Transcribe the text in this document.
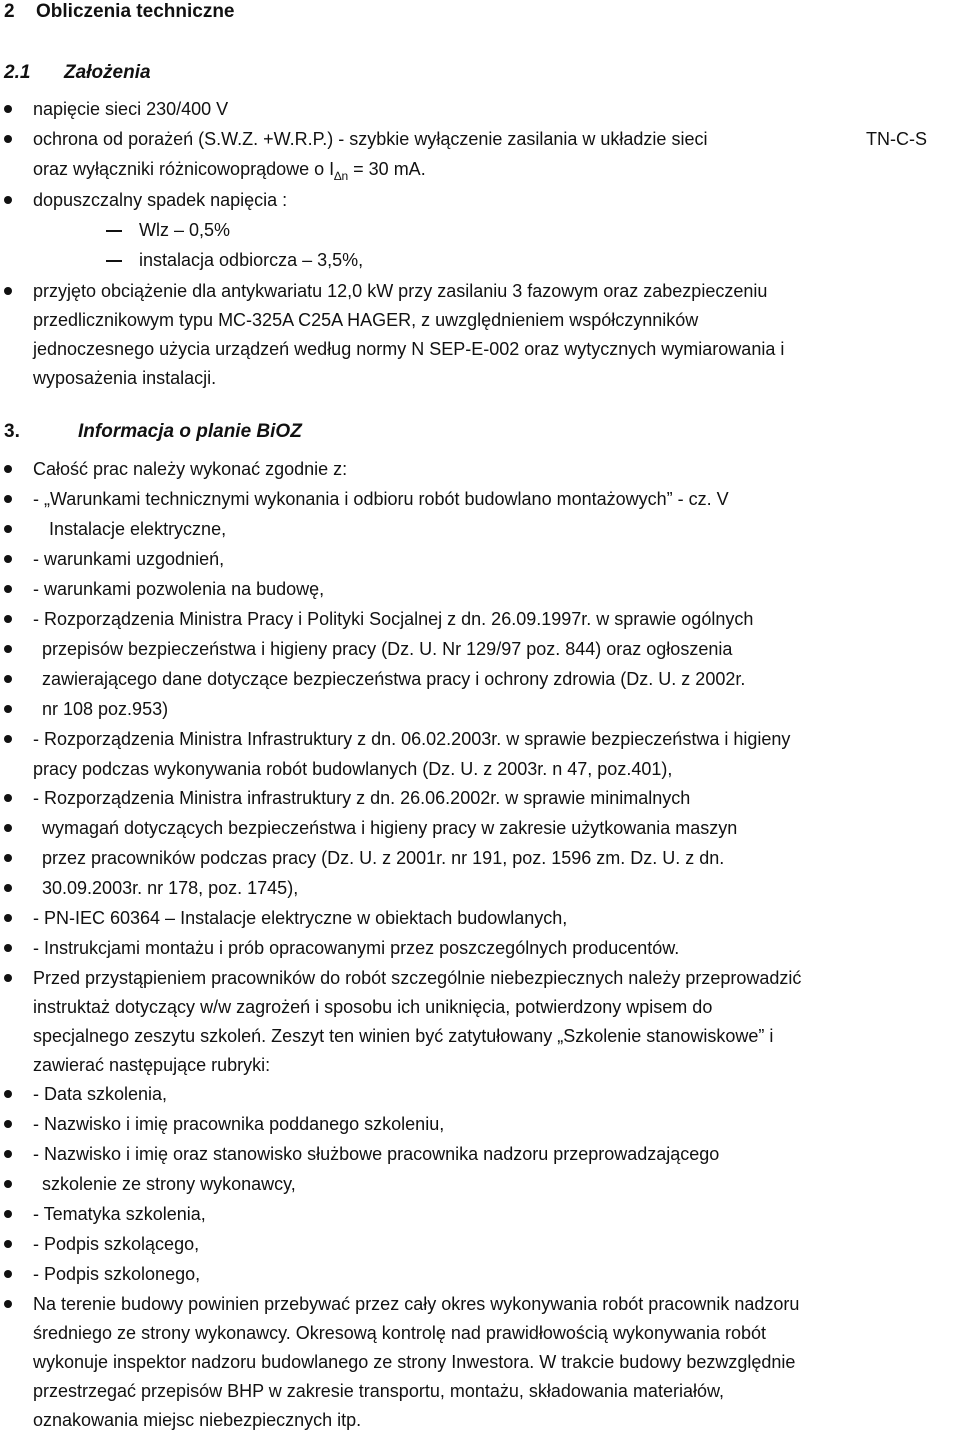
2 Obliczenia techniczne
2.1 Założenia
napięcie sieci 230/400 V
ochrona od porażeń (S.W.Z. +W.R.P.) - szybkie wyłączenie zasilania w układzie sieci	TN-C-S
oraz wyłączniki różnicowoprądowe o $I_{\Delta n} = 30$ mA.
dopuszczalny spadek napięcia :
Wlz – 0,5%
instalacja odbiorcza – 3,5%,
przyjęto obciążenie dla antykwariatu 12,0 kW przy zasilaniu 3 fazowym oraz zabezpieczeniu
przedlicznikowym typu MC-325A C25A HAGER, z uwzględnieniem współczynników
jednoczesnego użycia urządzeń według normy N SEP-E-002 oraz wytycznych wymiarowania i
wyposażenia instalacji.
3.	Informacja o planie BiOZ
Całość prac należy wykonać zgodnie z:
- „Warunkami technicznymi wykonania i odbioru robót budowlano montażowych” - cz. V
Instalacje elektryczne,
- warunkami uzgodnień,
- warunkami pozwolenia na budowę,
- Rozporządzenia Ministra Pracy i Polityki Socjalnej z dn. 26.09.1997r. w sprawie ogólnych
przepisów bezpieczeństwa i higieny pracy (Dz. U. Nr 129/97 poz. 844) oraz ogłoszenia
zawierającego dane dotyczące bezpieczeństwa pracy i ochrony zdrowia (Dz. U. z 2002r.
nr 108 poz.953)
- Rozporządzenia Ministra Infrastruktury z dn. 06.02.2003r. w sprawie bezpieczeństwa i higieny
pracy podczas wykonywania robót budowlanych (Dz. U. z 2003r. n 47, poz.401),
- Rozporządzenia Ministra infrastruktury z dn. 26.06.2002r. w sprawie minimalnych
wymagań dotyczących bezpieczeństwa i higieny pracy w zakresie użytkowania maszyn
przez pracowników podczas pracy (Dz. U. z 2001r. nr 191, poz. 1596 zm. Dz. U. z dn.
30.09.2003r. nr 178, poz. 1745),
- PN-IEC 60364 – Instalacje elektryczne w obiektach budowlanych,
- Instrukcjami montażu i prób opracowanymi przez poszczególnych producentów.
Przed przystąpieniem pracowników do robót szczególnie niebezpiecznych należy przeprowadzić
instruktaż dotyczący w/w zagrożeń i sposobu ich uniknięcia, potwierdzony wpisem do
specjalnego zeszytu szkoleń. Zeszyt ten winien być zatytułowany „Szkolenie stanowiskowe” i
zawierać następujące rubryki:
- Data szkolenia,
- Nazwisko i imię pracownika poddanego szkoleniu,
- Nazwisko i imię oraz stanowisko służbowe pracownika nadzoru przeprowadzającego
szkolenie ze strony wykonawcy,
- Tematyka szkolenia,
- Podpis szkolącego,
- Podpis szkolonego,
Na terenie budowy powinien przebywać przez cały okres wykonywania robót pracownik nadzoru
średniego ze strony wykonawcy. Okresową kontrolę nad prawidłowością wykonywania robót
wykonuje inspektor nadzoru budowlanego ze strony Inwestora. W trakcie budowy bezwzględnie
przestrzegać przepisów BHP w zakresie transportu, montażu, składowania materiałów,
oznakowania miejsc niebezpiecznych itp.
